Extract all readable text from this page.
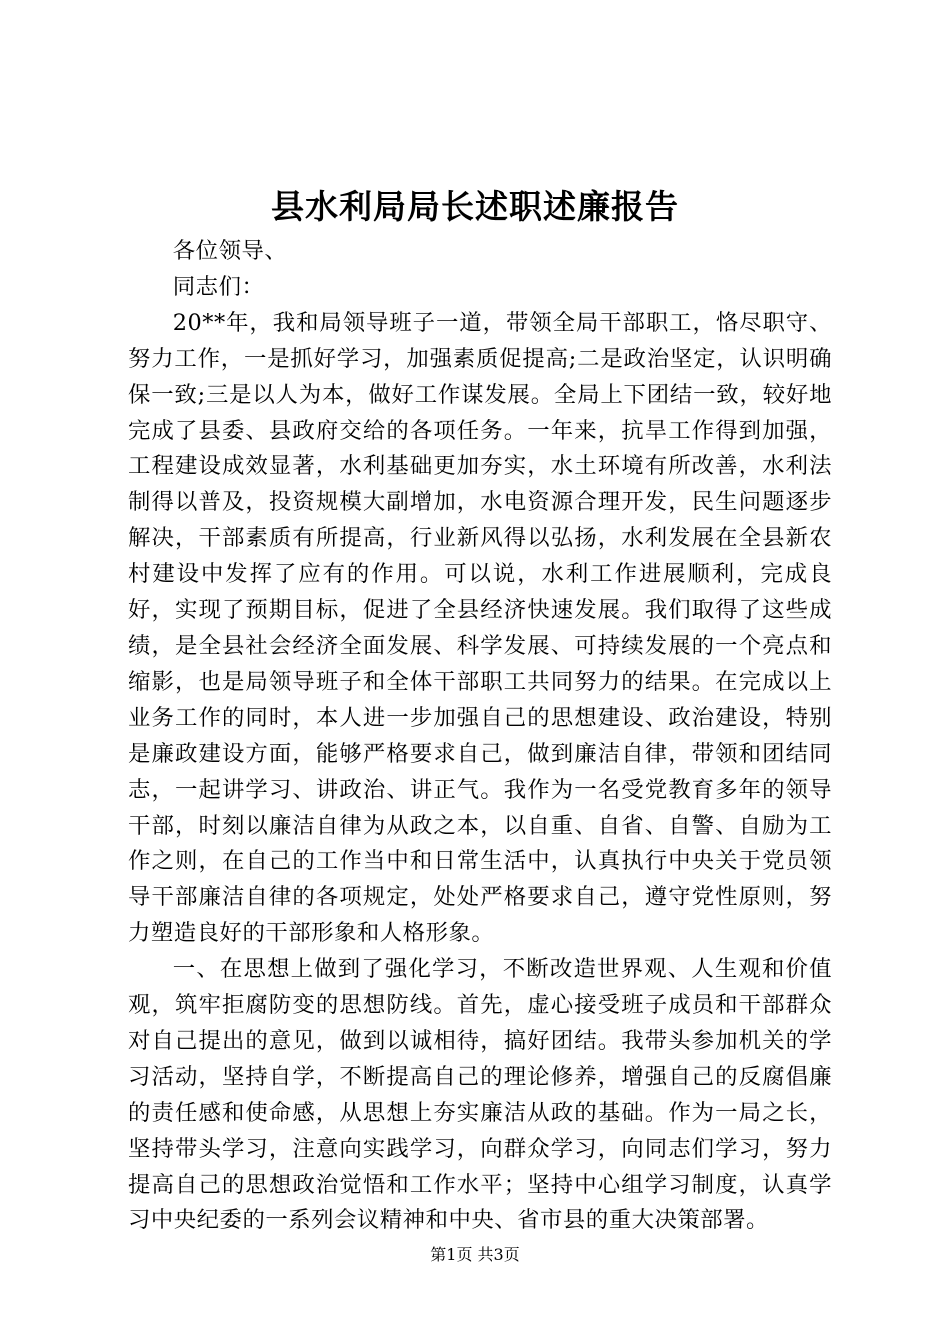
县水利局局长述职述廉报告

各位领导、

同志们：

20**年，我和局领导班子一道，带领全局干部职工，恪尽职守、努力工作，一是抓好学习，加强素质促提高;二是政治坚定，认识明确保一致;三是以人为本，做好工作谋发展。全局上下团结一致，较好地完成了县委、县政府交给的各项任务。一年来，抗旱工作得到加强，工程建设成效显著，水利基础更加夯实，水土环境有所改善，水利法制得以普及，投资规模大副增加，水电资源合理开发，民生问题逐步解决，干部素质有所提高，行业新风得以弘扬，水利发展在全县新农村建设中发挥了应有的作用。可以说，水利工作进展顺利，完成良好，实现了预期目标，促进了全县经济快速发展。我们取得了这些成绩，是全县社会经济全面发展、科学发展、可持续发展的一个亮点和缩影，也是局领导班子和全体干部职工共同努力的结果。在完成以上业务工作的同时，本人进一步加强自己的思想建设、政治建设，特别是廉政建设方面，能够严格要求自己，做到廉洁自律，带领和团结同志，一起讲学习、讲政治、讲正气。我作为一名受党教育多年的领导干部，时刻以廉洁自律为从政之本，以自重、自省、自警、自励为工作之则，在自己的工作当中和日常生活中，认真执行中央关于党员领导干部廉洁自律的各项规定，处处严格要求自己，遵守党性原则，努力塑造良好的干部形象和人格形象。

一、在思想上做到了强化学习，不断改造世界观、人生观和价值观，筑牢拒腐防变的思想防线。首先，虚心接受班子成员和干部群众对自己提出的意见，做到以诚相待，搞好团结。我带头参加机关的学习活动，坚持自学，不断提高自己的理论修养，增强自己的反腐倡廉的责任感和使命感，从思想上夯实廉洁从政的基础。作为一局之长，坚持带头学习，注意向实践学习，向群众学习，向同志们学习，努力提高自己的思想政治觉悟和工作水平；坚持中心组学习制度，认真学习中央纪委的一系列会议精神和中央、省市县的重大决策部署。

第1页 共3页
